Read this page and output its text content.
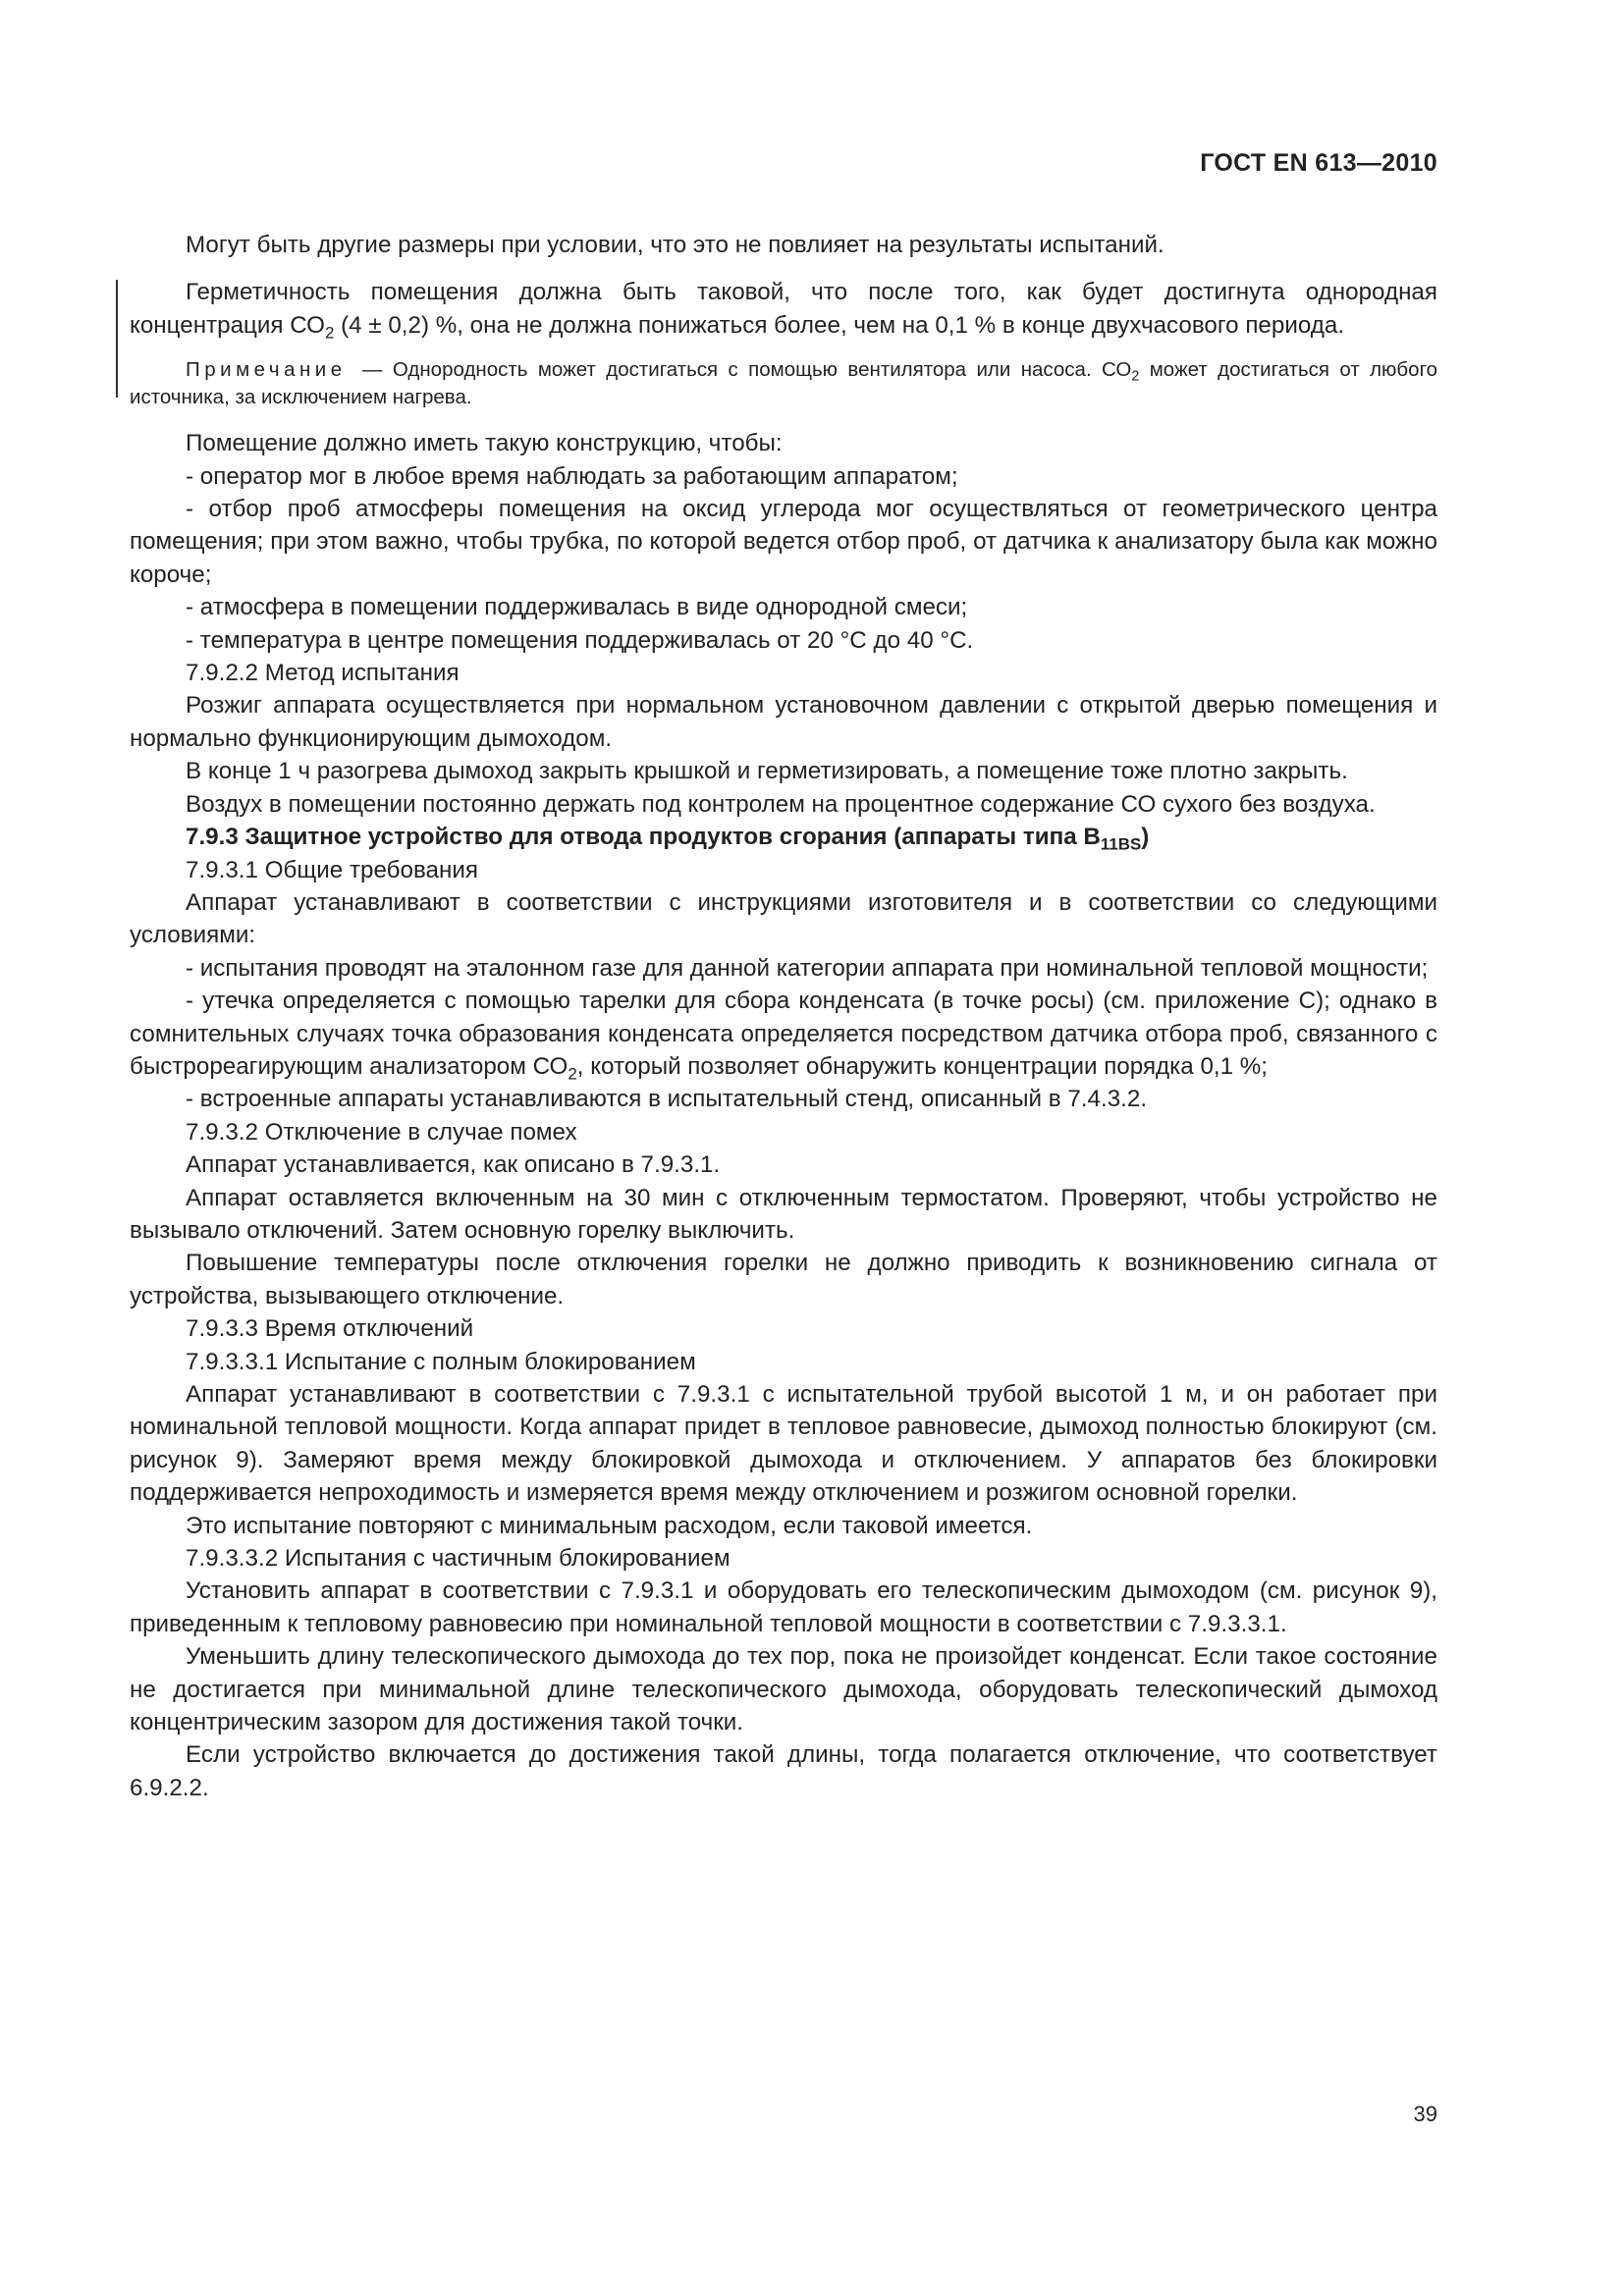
ГОСТ EN 613—2010

Могут быть другие размеры при условии, что это не повлияет на результаты испытаний.

Герметичность помещения должна быть таковой, что после того, как будет достигнута однородная концентрация $СО_2$ (4 ± 0,2) %, она не должна понижаться более, чем на 0,1 % в конце двухчасового периода.

Примечание — Однородность может достигаться с помощью вентилятора или насоса. $СО_2$ может достигаться от любого источника, за исключением нагрева.

Помещение должно иметь такую конструкцию, чтобы:

- оператор мог в любое время наблюдать за работающим аппаратом;

- отбор проб атмосферы помещения на оксид углерода мог осуществляться от геометрического центра помещения; при этом важно, чтобы трубка, по которой ведется отбор проб, от датчика к анализатору была как можно короче;

- атмосфера в помещении поддерживалась в виде однородной смеси;

- температура в центре помещения поддерживалась от 20 °С до 40 °С.

7.9.2.2 Метод испытания

Розжиг аппарата осуществляется при нормальном установочном давлении с открытой дверью помещения и нормально функционирующим дымоходом.

В конце 1 ч разогрева дымоход закрыть крышкой и герметизировать, а помещение тоже плотно закрыть.

Воздух в помещении постоянно держать под контролем на процентное содержание СО сухого без воздуха.

7.9.3 Защитное устройство для отвода продуктов сгорания (аппараты типа $В_{11BS}$)

7.9.3.1 Общие требования

Аппарат устанавливают в соответствии с инструкциями изготовителя и в соответствии со следующими условиями:

- испытания проводят на эталонном газе для данной категории аппарата при номинальной тепловой мощности;

- утечка определяется с помощью тарелки для сбора конденсата (в точке росы) (см. приложение С); однако в сомнительных случаях точка образования конденсата определяется посредством датчика отбора проб, связанного с быстрореагирующим анализатором $СО_2$, который позволяет обнаружить концентрации порядка 0,1 %;

- встроенные аппараты устанавливаются в испытательный стенд, описанный в 7.4.3.2.

7.9.3.2 Отключение в случае помех

Аппарат устанавливается, как описано в 7.9.3.1.

Аппарат оставляется включенным на 30 мин с отключенным термостатом. Проверяют, чтобы устройство не вызывало отключений. Затем основную горелку выключить.

Повышение температуры после отключения горелки не должно приводить к возникновению сигнала от устройства, вызывающего отключение.

7.9.3.3 Время отключений

7.9.3.3.1 Испытание с полным блокированием

Аппарат устанавливают в соответствии с 7.9.3.1 с испытательной трубой высотой 1 м, и он работает при номинальной тепловой мощности. Когда аппарат придет в тепловое равновесие, дымоход полностью блокируют (см. рисунок 9). Замеряют время между блокировкой дымохода и отключением. У аппаратов без блокировки поддерживается непроходимость и измеряется время между отключением и розжигом основной горелки.

Это испытание повторяют с минимальным расходом, если таковой имеется.

7.9.3.3.2 Испытания с частичным блокированием

Установить аппарат в соответствии с 7.9.3.1 и оборудовать его телескопическим дымоходом (см. рисунок 9), приведенным к тепловому равновесию при номинальной тепловой мощности в соответствии с 7.9.3.3.1.

Уменьшить длину телескопического дымохода до тех пор, пока не произойдет конденсат. Если такое состояние не достигается при минимальной длине телескопического дымохода, оборудовать телескопический дымоход концентрическим зазором для достижения такой точки.

Если устройство включается до достижения такой длины, тогда полагается отключение, что соответствует 6.9.2.2.

39
